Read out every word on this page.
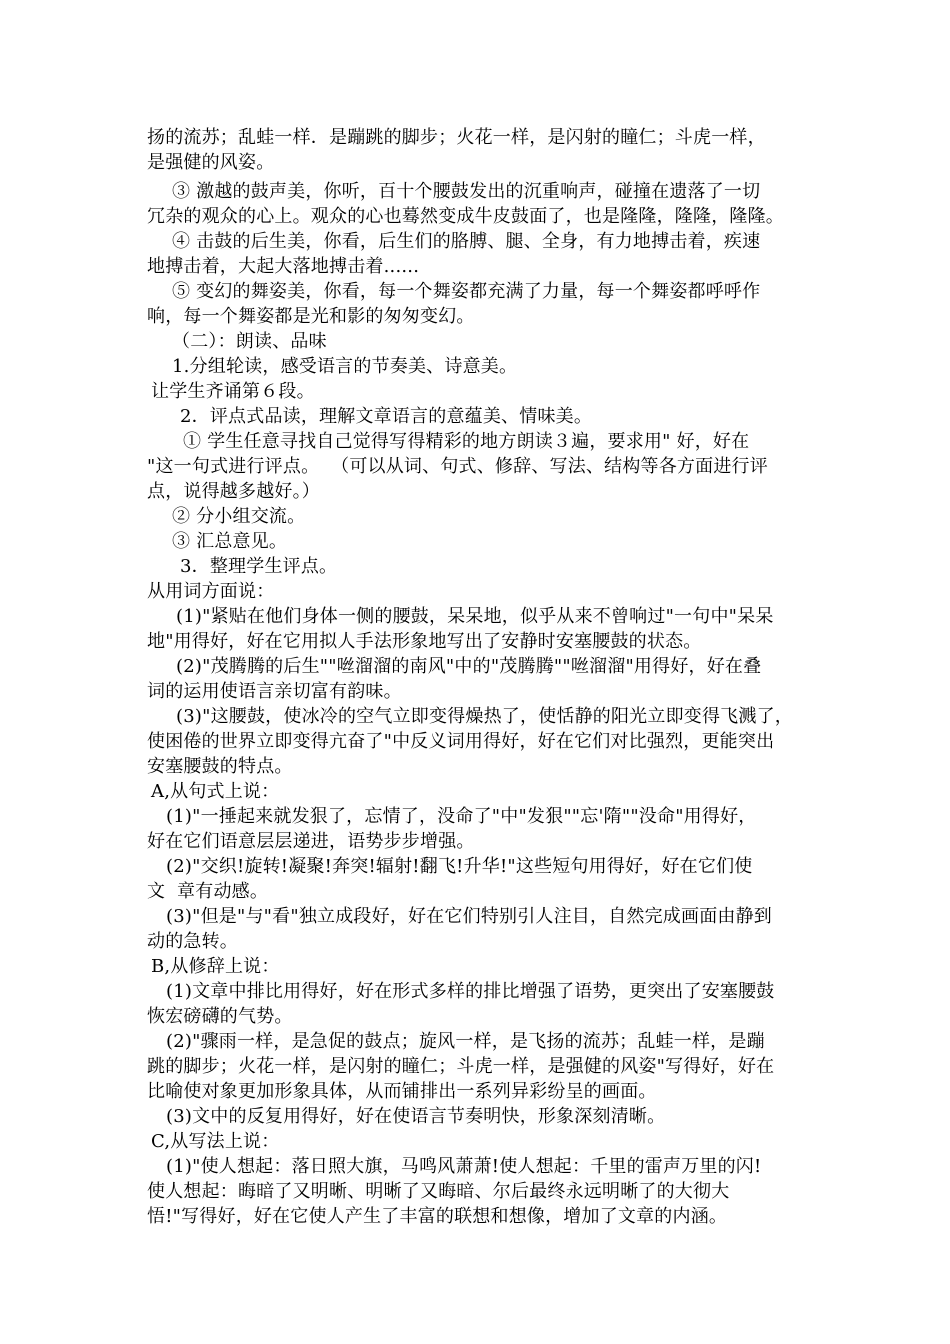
扬的流苏；乱蛙一样．是蹦跳的脚步；火花一样，是闪射的瞳仁；斗虎一样，
是强健的风姿。
③ 激越的鼓声美，你听，百十个腰鼓发出的沉重响声，碰撞在遗落了一切
冗杂的观众的心上。观众的心也蓦然变成牛皮鼓面了，也是隆隆，隆隆，隆隆。
④ 击鼓的后生美，你看，后生们的胳膊、腿、全身，有力地搏击着，疾速
地搏击着，大起大落地搏击着......
⑤ 变幻的舞姿美，你看，每一个舞姿都充满了力量，每一个舞姿都呼呼作
响，每一个舞姿都是光和影的匆匆变幻。
（二）：朗读、品味
1.分组轮读，感受语言的节奏美、诗意美。
让学生齐诵第６段。
2．评点式品读，理解文章语言的意蕴美、情味美。
① 学生任意寻找自己觉得写得精彩的地方朗读３遍，要求用" 好，好在
"这一句式进行评点。  （可以从词、句式、修辞、写法、结构等各方面进行评
点，说得越多越好。）
② 分小组交流。
③ 汇总意见。
3．整理学生评点。
从用词方面说：
(1)"紧贴在他们身体一侧的腰鼓，呆呆地，似乎从来不曾响过"一句中"呆呆
地"用得好，好在它用拟人手法形象地写出了安静时安塞腰鼓的状态。
(2)"茂腾腾的后生""咝溜溜的南风"中的"茂腾腾""咝溜溜"用得好，好在叠
词的运用使语言亲切富有韵味。
(3)"这腰鼓，使冰冷的空气立即变得燥热了，使恬静的阳光立即变得飞溅了，
使困倦的世界立即变得亢奋了"中反义词用得好，好在它们对比强烈，更能突出
安塞腰鼓的特点。
A,从句式上说：
(1)"一捶起来就发狠了，忘情了，没命了"中"发狠""忘'隋""没命"用得好，
好在它们语意层层递进，语势步步增强。
(2)"交织!旋转!凝聚!奔突!辐射!翻飞!升华!"这些短句用得好，好在它们使
文  章有动感。
(3)"但是"与"看"独立成段好，好在它们特别引人注目，自然完成画面由静到
动的急转。
B,从修辞上说：
(1)文章中排比用得好，好在形式多样的排比增强了语势，更突出了安塞腰鼓
恢宏磅礴的气势。
(2)"骤雨一样，是急促的鼓点；旋风一样，是飞扬的流苏；乱蛙一样，是蹦
跳的脚步；火花一样，是闪射的瞳仁；斗虎一样，是强健的风姿"写得好，好在
比喻使对象更加形象具体，从而铺排出一系列异彩纷呈的画面。
(3)文中的反复用得好，好在使语言节奏明快，形象深刻清晰。
C,从写法上说：
(1)"使人想起：落日照大旗，马鸣风萧萧!使人想起：千里的雷声万里的闪!
使人想起：晦暗了又明晰、明晰了又晦暗、尔后最终永远明晰了的大彻大
悟!"写得好，好在它使人产生了丰富的联想和想像，增加了文章的内涵。
